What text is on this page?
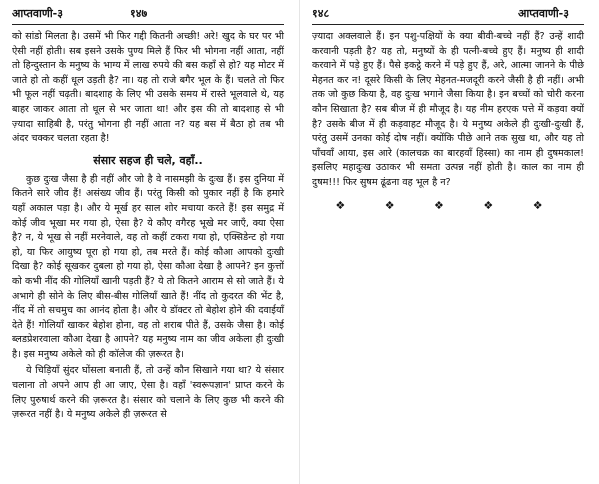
आप्तवाणी-३	१४७

को सांडो मिलता है। उसमें भी फिर गद्दी कितनी अच्छी! अरे! खुद के घर पर भी ऐसी नहीं होती। सब इसने उसके पुण्य मिले हैं फिर भी भोगना नहीं आता, नहीं तो हिन्दुस्तान के मनुष्य के भाग्य में लाख रुपये की बस कहाँ से हो? यह मोटर में जाते हो तो कहीं धूल उड़ती है? ना। यह तो राजे बगैर भूल के हैं। चलते तो फिर भी फूल नहीं चढ़ती। बादशाह के लिए भी उसके समय में रास्ते भूलवाले थे, यह बाहर जाकर आता तो धूल से भर जाता था! और इस की तो बादशाह से भी ज़्यादा साहिबी है, परंतु भोगना ही नहीं आता न? यह बस में बैठा हो तब भी अंदर चक्कर चलता रहता है!

संसार सहज ही चले, वहाँ..

कुछ दुःख जैसा है ही नहीं और जो है वे नासमझी के दुःख हैं। इस दुनिया में कितने सारे जीव हैं! असंख्य जीव हैं। परंतु किसी को पुकार नहीं है कि हमारे यहाँ अकाल पड़ा है। और ये मूर्ख हर साल शोर मचाया करते हैं! इस समुद्र में कोई जीव भूखा मर गया हो, ऐसा है? ये कौए वगैरह भूखे मर जाएँ, क्या ऐसा है? न, ये भूख से नहीं मरनेवाले, वह तो कहीं टकरा गया हो, एक्सिडेन्ट हो गया हो, या फिर आयुष्य पूरा हो गया हो, तब मरते हैं। कोई कौआ आपको दुःखी दिखा है? कोई सूखकर दुबला हो गया हो, ऐसा कौआ देखा है आपने? इन कुत्तों को कभी नींद की गोलियाँ खानी पड़ती हैं? ये तो कितने आराम से सो जाते हैं। ये अभागे ही सोने के लिए बीस-बीस गोलियाँ खाते हैं! नींद तो कुदरत की भेंट है, नींद में तो सचमुच का आनंद होता है। और ये डॉक्टर तो बेहोश होने की दवाईयाँ देते हैं! गोलियाँ खाकर बेहोश होना, वह तो शराब पीते हैं, उसके जैसा है। कोई ब्लडप्रेशरवाला कौआ देखा है आपने? यह मनुष्य नाम का जीव अकेला ही दुःखी है। इस मनुष्य अकेले को ही कॉलेज की ज़रूरत है।

ये चिड़ियाँ सुंदर घोंसला बनाती हैं, तो उन्हें कौन सिखाने गया था? ये संसार चलाना तो अपने आप ही आ जाए, ऐसा है। वहाँ 'स्वरूपज्ञान' प्राप्त करने के लिए पुरुषार्थ करने की ज़रूरत है। संसार को चलाने के लिए कुछ भी करने की ज़रूरत नहीं है। ये मनुष्य अकेले ही ज़रूरत से

१४८	आप्तवाणी-३

ज़्यादा अक्लवाले हैं। इन पशु-पक्षियों के क्या बीवी-बच्चे नहीं हैं? उन्हें शादी करवानी पड़ती है? यह तो, मनुष्यों के ही पत्नी-बच्चे हुए हैं। मनुष्य ही शादी करवाने में पड़े हुए हैं। पैसे इकट्ठे करने में पड़े हुए हैं, अरे, आत्मा जानने के पीछे मेहनत कर न! दूसरे किसी के लिए मेहनत-मजदूरी करने जैसी है ही नहीं। अभी तक जो कुछ किया है, वह दुःख भगाने जैसा किया है। इन बच्चों को चोरी करना कौन सिखाता है? सब बीज में ही मौजूद है। यह नीम हरएक पत्ते में कड़वा क्यों है? उसके बीज में ही कड़वाहट मौजूद है। ये मनुष्य अकेले ही दुःखी-दुःखी हैं, परंतु उसमें उनका कोई दोष नहीं। क्योंकि पीछे आने तक सुख था, और यह तो पाँचवाँ आया, इस आरे (कालचक्र का बारहवाँ हिस्सा) का नाम ही दुषमकाल! इसलिए महादुःख उठाकर भी समता उत्पन्न नहीं होती है। काल का नाम ही दुषम!!! फिर सुषम ढूंढना वह भूल है न?

❖ ❖ ❖ ❖ ❖
